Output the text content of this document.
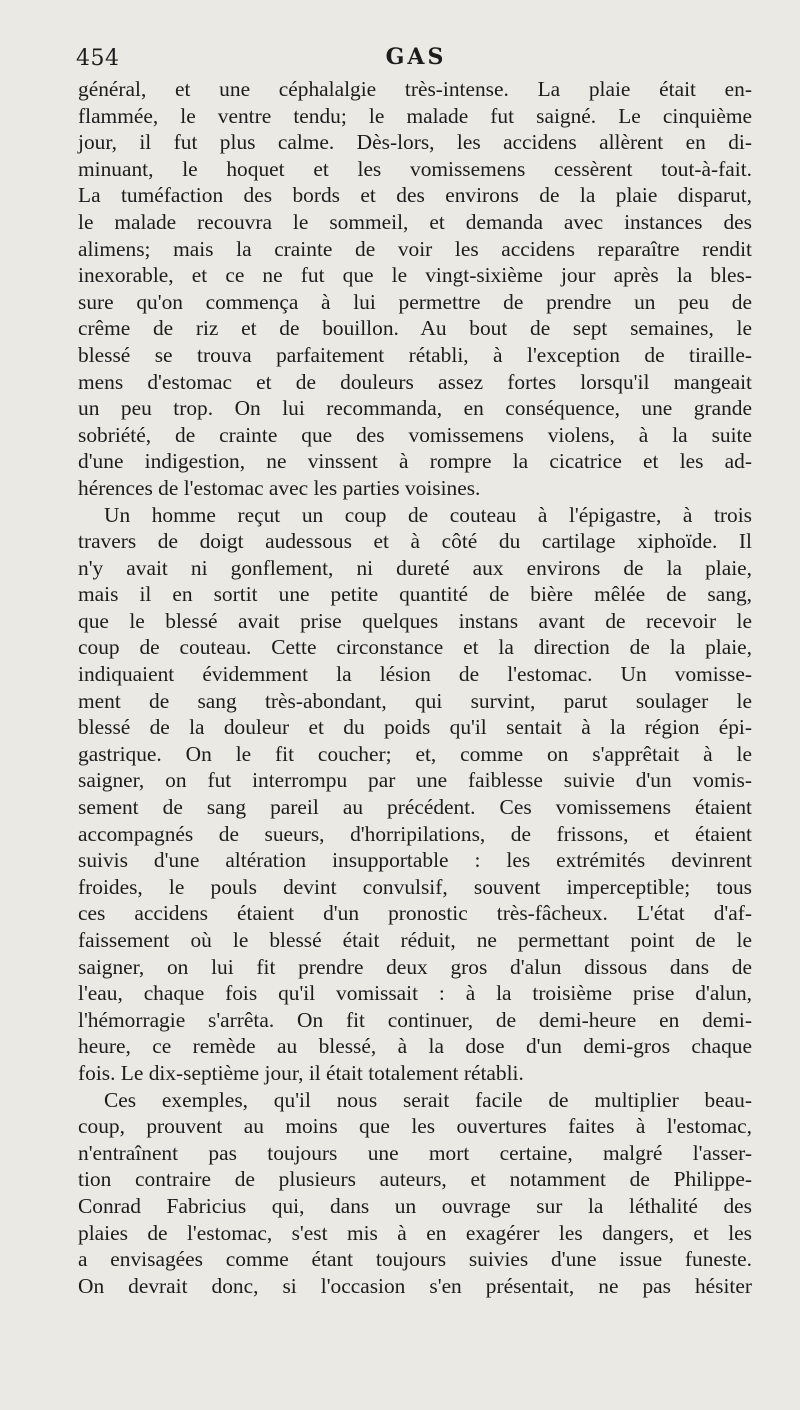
454	GAS

général, et une céphalalgie très-intense. La plaie était en-
flammée, le ventre tendu; le malade fut saigné. Le cinquième
jour, il fut plus calme. Dès-lors, les accidens allèrent en di-
minuant, le hoquet et les vomissemens cessèrent tout-à-fait.
La tuméfaction des bords et des environs de la plaie disparut,
le malade recouvra le sommeil, et demanda avec instances des
alimens; mais la crainte de voir les accidens reparaître rendit
inexorable, et ce ne fut que le vingt-sixième jour après la bles-
sure qu'on commença à lui permettre de prendre un peu de
crême de riz et de bouillon. Au bout de sept semaines, le
blessé se trouva parfaitement rétabli, à l'exception de tiraille-
mens d'estomac et de douleurs assez fortes lorsqu'il mangeait
un peu trop. On lui recommanda, en conséquence, une grande
sobriété, de crainte que des vomissemens violens, à la suite
d'une indigestion, ne vinssent à rompre la cicatrice et les ad-
hérences de l'estomac avec les parties voisines.

Un homme reçut un coup de couteau à l'épigastre, à trois
travers de doigt audessous et à côté du cartilage xiphoïde. Il
n'y avait ni gonflement, ni dureté aux environs de la plaie,
mais il en sortit une petite quantité de bière mêlée de sang,
que le blessé avait prise quelques instans avant de recevoir le
coup de couteau. Cette circonstance et la direction de la plaie,
indiquaient évidemment la lésion de l'estomac. Un vomisse-
ment de sang très-abondant, qui survint, parut soulager le
blessé de la douleur et du poids qu'il sentait à la région épi-
gastrique. On le fit coucher; et, comme on s'apprêtait à le
saigner, on fut interrompu par une faiblesse suivie d'un vomis-
sement de sang pareil au précédent. Ces vomissemens étaient
accompagnés de sueurs, d'horripilations, de frissons, et étaient
suivis d'une altération insupportable : les extrémités devinrent
froides, le pouls devint convulsif, souvent imperceptible; tous
ces accidens étaient d'un pronostic très-fâcheux. L'état d'af-
faissement où le blessé était réduit, ne permettant point de le
saigner, on lui fit prendre deux gros d'alun dissous dans de
l'eau, chaque fois qu'il vomissait : à la troisième prise d'alun,
l'hémorragie s'arrêta. On fit continuer, de demi-heure en demi-
heure, ce remède au blessé, à la dose d'un demi-gros chaque
fois. Le dix-septième jour, il était totalement rétabli.

Ces exemples, qu'il nous serait facile de multiplier beau-
coup, prouvent au moins que les ouvertures faites à l'estomac,
n'entraînent pas toujours une mort certaine, malgré l'asser-
tion contraire de plusieurs auteurs, et notamment de Philippe-
Conrad Fabricius qui, dans un ouvrage sur la léthalité des
plaies de l'estomac, s'est mis à en exagérer les dangers, et les
a envisagées comme étant toujours suivies d'une issue funeste.
On devrait donc, si l'occasion s'en présentait, ne pas hésiter
